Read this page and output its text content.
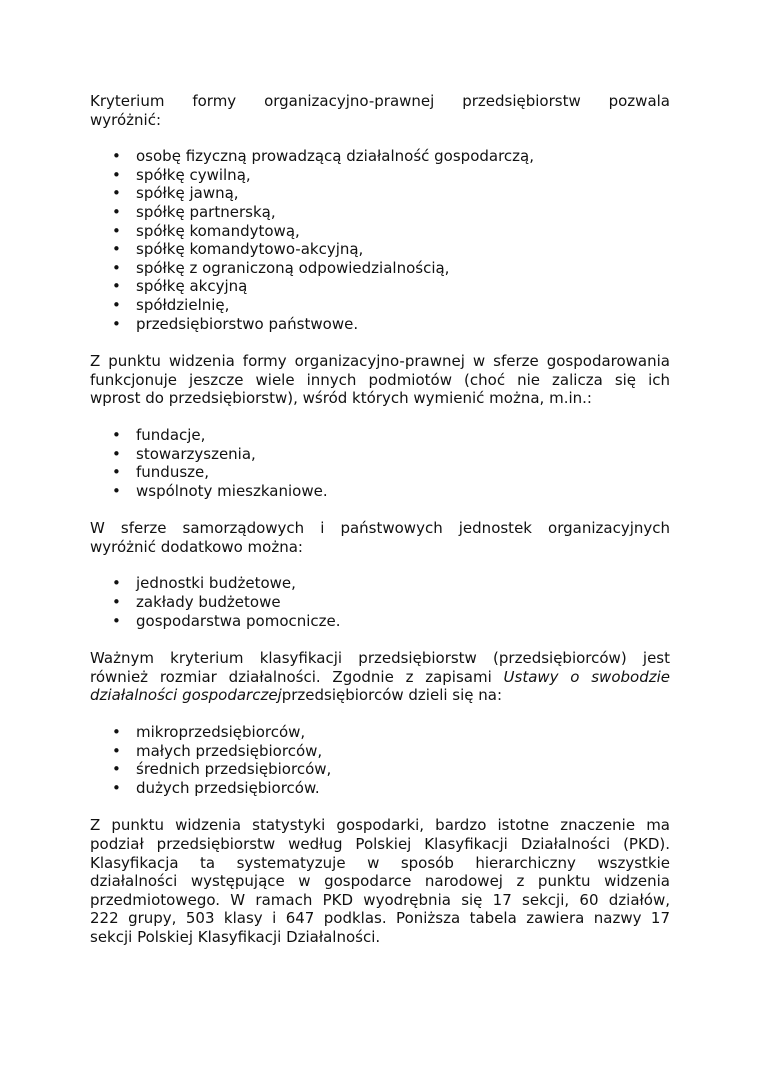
Kryterium formy organizacyjno-prawnej przedsiębiorstw pozwala
wyróżnić:

• osobę fizyczną prowadzącą działalność gospodarczą,
• spółkę cywilną,
• spółkę jawną,
• spółkę partnerską,
• spółkę komandytową,
• spółkę komandytowo-akcyjną,
• spółkę z ograniczoną odpowiedzialnością,
• spółkę akcyjną
• spółdzielnię,
• przedsiębiorstwo państwowe.

Z punktu widzenia formy organizacyjno-prawnej w sferze gospodarowania
funkcjonuje jeszcze wiele innych podmiotów (choć nie zalicza się ich
wprost do przedsiębiorstw), wśród których wymienić można, m.in.:

• fundacje,
• stowarzyszenia,
• fundusze,
• wspólnoty mieszkaniowe.

W sferze samorządowych i państwowych jednostek organizacyjnych
wyróżnić dodatkowo można:

• jednostki budżetowe,
• zakłady budżetowe
• gospodarstwa pomocnicze.

Ważnym kryterium klasyfikacji przedsiębiorstw (przedsiębiorców) jest
również rozmiar działalności. Zgodnie z zapisami Ustawy o swobodzie
działalności gospodarczejprzedsiębiorców dzieli się na:

• mikroprzedsiębiorców,
• małych przedsiębiorców,
• średnich przedsiębiorców,
• dużych przedsiębiorców.

Z punktu widzenia statystyki gospodarki, bardzo istotne znaczenie ma
podział przedsiębiorstw według Polskiej Klasyfikacji Działalności (PKD).
Klasyfikacja ta systematyzuje w sposób hierarchiczny wszystkie
działalności występujące w gospodarce narodowej z punktu widzenia
przedmiotowego. W ramach PKD wyodrębnia się 17 sekcji, 60 działów,
222 grupy, 503 klasy i 647 podklas. Poniższa tabela zawiera nazwy 17
sekcji Polskiej Klasyfikacji Działalności.
